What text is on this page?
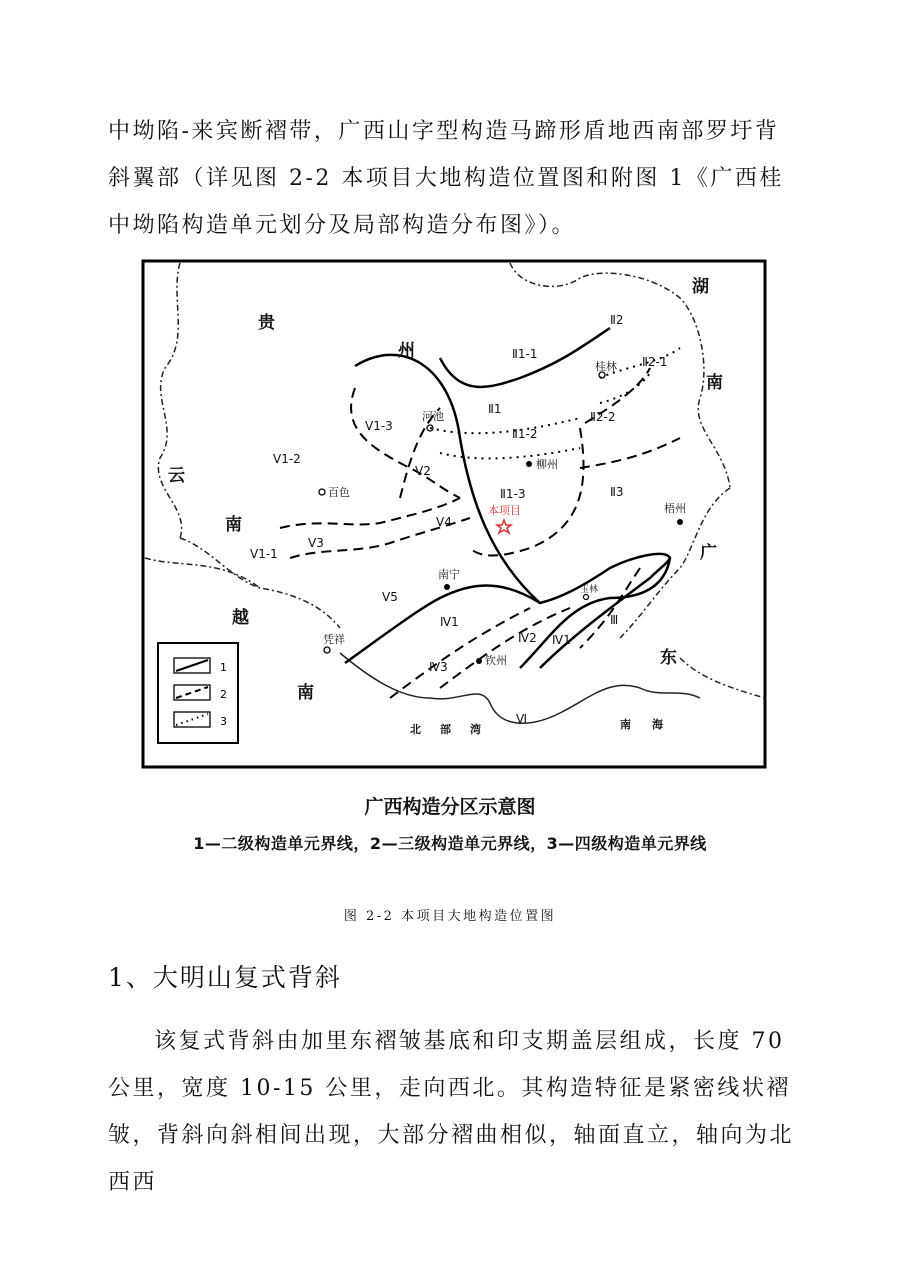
中坳陷-来宾断褶带，广西山字型构造马蹄形盾地西南部罗圩背斜翼部（详见图 2-2 本项目大地构造位置图和附图 1《广西桂中坳陷构造单元划分及局部构造分布图》）。

贵
州
湖
南
云
南
越
南
广
东
北 部 湾	南 海
河池
桂林
柳州
百色
梧州
南宁
玉林
凭祥
钦州
Ⅱ1-1
Ⅱ1
Ⅱ1-2
Ⅱ1-3
Ⅱ2
Ⅱ2-1
Ⅱ2-2
Ⅱ3
Ⅲ
Ⅴ1-3
Ⅴ1-2
Ⅴ1-1
Ⅴ2
Ⅴ3
Ⅴ4
Ⅴ5
Ⅳ1
Ⅳ2
Ⅳ3
Ⅳ1
Ⅵ
本项目
1
2
3
广西构造分区示意图
1—二级构造单元界线，2—三级构造单元界线，3—四级构造单元界线
图 2-2 本项目大地构造位置图
1、大明山复式背斜

该复式背斜由加里东褶皱基底和印支期盖层组成，长度 70 公里，宽度 10-15 公里，走向西北。其构造特征是紧密线状褶皱，背斜向斜相间出现，大部分褶曲相似，轴面直立，轴向为北西西
